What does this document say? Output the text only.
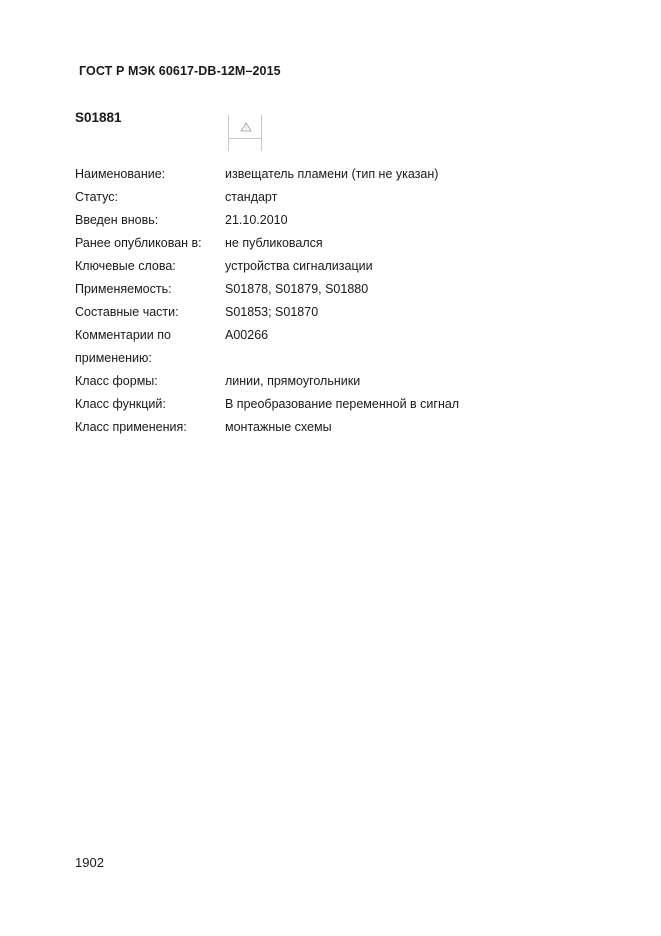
ГОСТ Р МЭК 60617-DB-12М–2015
S01881
Наименование:	извещатель пламени (тип не указан)
Статус:	стандарт
Введен вновь:	21.10.2010
Ранее опубликован в:	не публиковался
Ключевые слова:	устройства сигнализации
Применяемость:	S01878, S01879, S01880
Составные части:	S01853; S01870
Комментарии по	A00266
применению:
Класс формы:	линии, прямоугольники
Класс функций:	В преобразование переменной в сигнал
Класс применения:	монтажные схемы
1902
